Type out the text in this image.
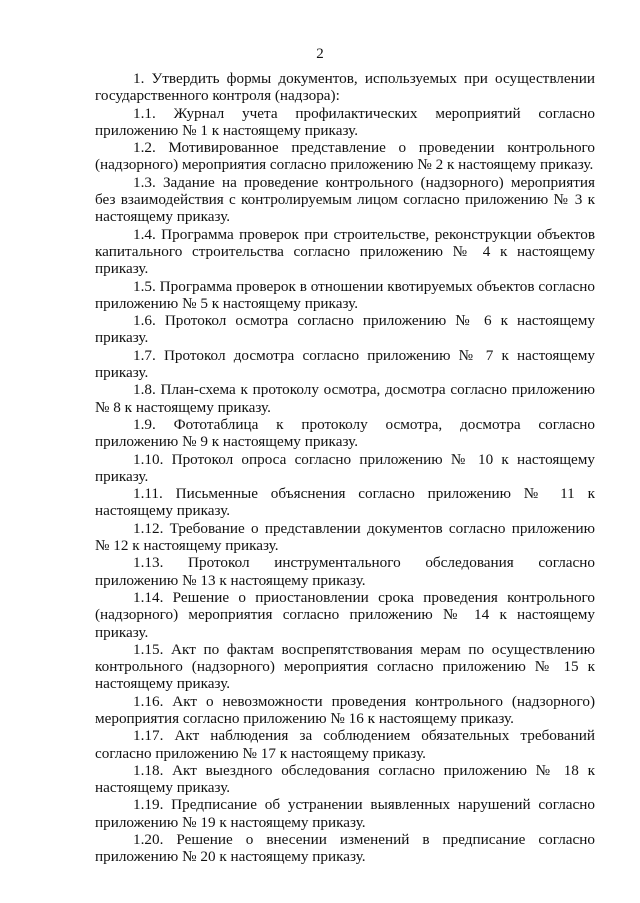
2

1. Утвердить формы документов, используемых при осуществлении государственного контроля (надзора):

1.1. Журнал учета профилактических мероприятий согласно приложению № 1 к настоящему приказу.

1.2. Мотивированное представление о проведении контрольного (надзорного) мероприятия согласно приложению № 2 к настоящему приказу.

1.3. Задание на проведение контрольного (надзорного) мероприятия без взаимодействия с контролируемым лицом согласно приложению № 3 к настоящему приказу.

1.4. Программа проверок при строительстве, реконструкции объектов капитального строительства согласно приложению № 4 к настоящему приказу.

1.5. Программа проверок в отношении квотируемых объектов согласно приложению № 5 к настоящему приказу.

1.6. Протокол осмотра согласно приложению № 6 к настоящему приказу.

1.7. Протокол досмотра согласно приложению № 7 к настоящему приказу.

1.8. План-схема к протоколу осмотра, досмотра согласно приложению № 8 к настоящему приказу.

1.9. Фототаблица к протоколу осмотра, досмотра согласно приложению № 9 к настоящему приказу.

1.10. Протокол опроса согласно приложению № 10 к настоящему приказу.

1.11. Письменные объяснения согласно приложению № 11 к настоящему приказу.

1.12. Требование о представлении документов согласно приложению № 12 к настоящему приказу.

1.13. Протокол инструментального обследования согласно приложению № 13 к настоящему приказу.

1.14. Решение о приостановлении срока проведения контрольного (надзорного) мероприятия согласно приложению № 14 к настоящему приказу.

1.15. Акт по фактам воспрепятствования мерам по осуществлению контрольного (надзорного) мероприятия согласно приложению № 15 к настоящему приказу.

1.16. Акт о невозможности проведения контрольного (надзорного) мероприятия согласно приложению № 16 к настоящему приказу.

1.17. Акт наблюдения за соблюдением обязательных требований согласно приложению № 17 к настоящему приказу.

1.18. Акт выездного обследования согласно приложению № 18 к настоящему приказу.

1.19. Предписание об устранении выявленных нарушений согласно приложению № 19 к настоящему приказу.

1.20. Решение о внесении изменений в предписание согласно приложению № 20 к настоящему приказу.
